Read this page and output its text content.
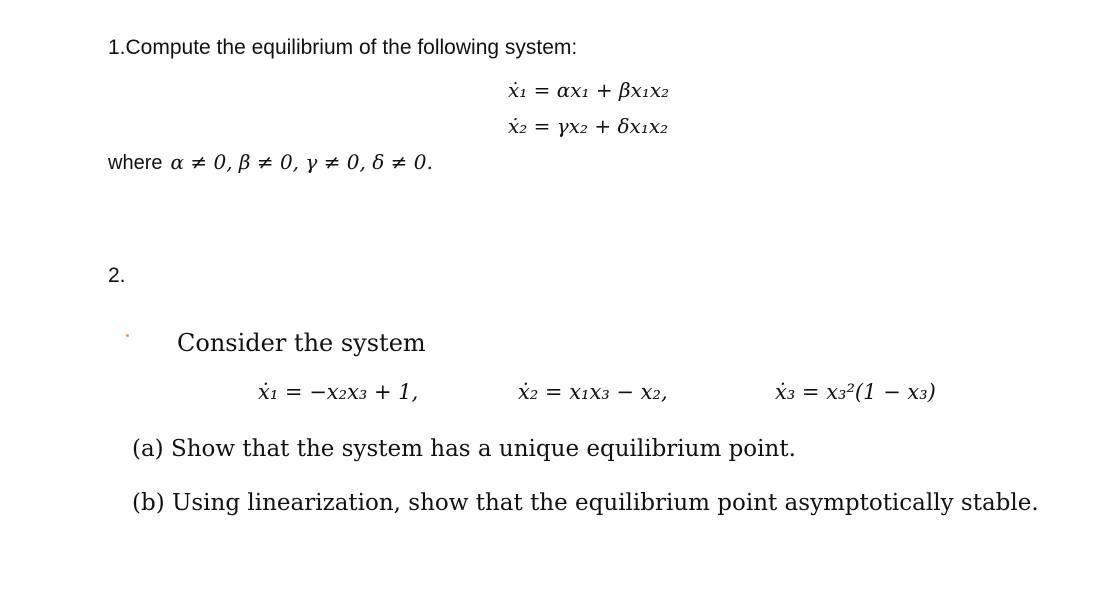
1.Compute the equilibrium of the following system:
ẋ₁ = αx₁ + βx₁x₂
ẋ₂ = γx₂ + δx₁x₂
where α ≠ 0, β ≠ 0, γ ≠ 0, δ ≠ 0.
2.
Consider the system
ẋ₁ = −x₂x₃ + 1,	ẋ₂ = x₁x₃ − x₂,	ẋ₃ = x₃²(1 − x₃)
(a) Show that the system has a unique equilibrium point.
(b) Using linearization, show that the equilibrium point asymptotically stable.
